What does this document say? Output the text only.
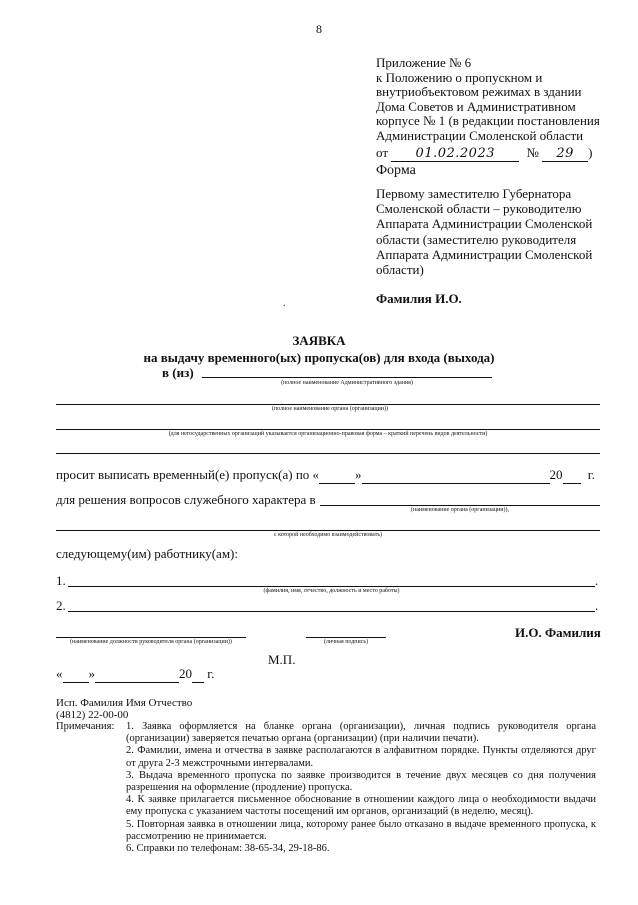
8
Приложение № 6
к Положению о пропускном и
внутриобъектовом режимах в здании
Дома Советов и Административном
корпусе № 1 (в редакции постановления
Администрации Смоленской области
от 01.02.2023 № 29 )
Форма
Первому заместителю Губернатора
Смоленской области – руководителю
Аппарата Администрации Смоленской
области (заместителю руководителя
Аппарата Администрации Смоленской
области)
Фамилия И.О.
.
ЗАЯВКА
на выдачу временного(ых) пропуска(ов) для входа (выхода)
в (из)
(полное наименование Административного здания)
(полное наименование органа (организации))
(для негосударственных организаций указывается организационно-правовая форма – краткий перечень видов деятельности)
просит выписать временный(е) пропуск(а) по «	»	20 г.
для решения вопросов служебного характера в
(наименование органа (организации)),
с которой необходимо взаимодействовать)
следующему(им) работнику(ам):
1.	.
(фамилия, имя, отчество, должность и место работы)
2.	.
(наименование должности руководителя органа (организации))	(личная подпись)
И.О. Фамилия
М.П.
« »	20 г.
Исп. Фамилия Имя Отчество
(4812) 22-00-00
Примечания:	1. Заявка оформляется на бланке органа (организации), личная подпись руководителя органа (организации) заверяется печатью органа (организации) (при наличии печати).
2. Фамилии, имена и отчества в заявке располагаются в алфавитном порядке. Пункты отделяются друг от друга 2-3 межстрочными интервалами.
3. Выдача временного пропуска по заявке производится в течение двух месяцев со дня получения разрешения на оформление (продление) пропуска.
4. К заявке прилагается письменное обоснование в отношении каждого лица о необходимости выдачи ему пропуска с указанием частоты посещений им органов, организаций (в неделю, месяц).
5. Повторная заявка в отношении лица, которому ранее было отказано в выдаче временного пропуска, к рассмотрению не принимается.
6. Справки по телефонам: 38-65-34, 29-18-86.
